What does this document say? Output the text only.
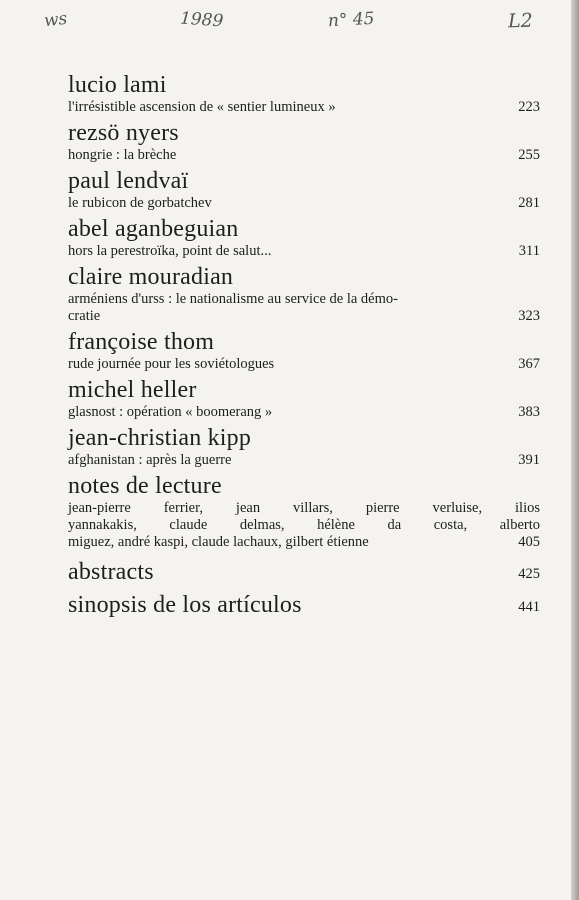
ws	1989	n° 45	L2
lucio lami
l'irrésistible ascension de « sentier lumineux »	223
rezsö nyers
hongrie : la brèche	255
paul lendvaï
le rubicon de gorbatchev	281
abel aganbeguian
hors la perestroïka, point de salut...	311
claire mouradian
arméniens d'urss : le nationalisme au service de la démo-
cratie	323
françoise thom
rude journée pour les soviétologues	367
michel heller
glasnost : opération « boomerang »	383
jean-christian kipp
afghanistan : après la guerre	391
notes de lecture
jean-pierre ferrier, jean villars, pierre verluise, ilios
yannakakis, claude delmas, hélène da costa, alberto
miguez, andré kaspi, claude lachaux, gilbert étienne	405
abstracts	425
sinopsis de los artículos	441
